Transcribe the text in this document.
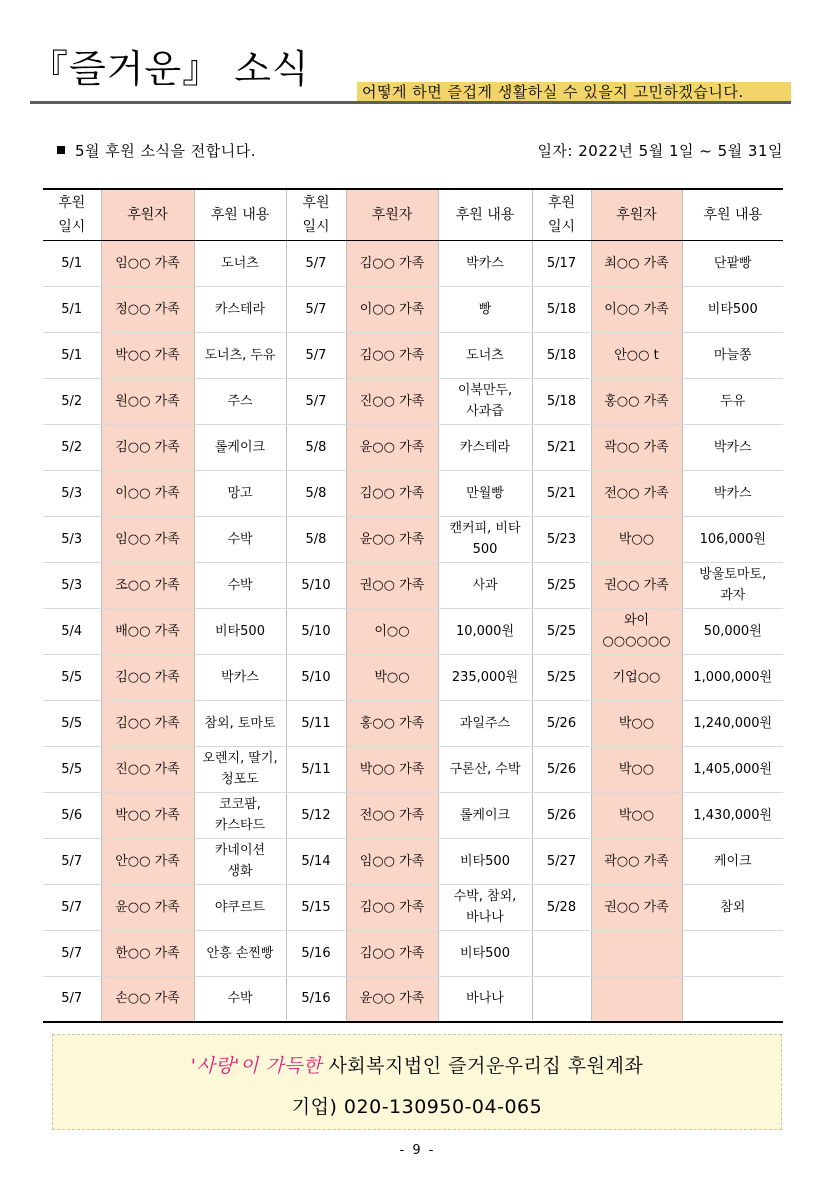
『즐거운』 소식
어떻게 하면 즐겁게 생활하실 수 있을지 고민하겠습니다.
5월 후원 소식을 전합니다.	일자: 2022년 5월 1일 ~ 5월 31일
후원
일시	후원자	후원 내용	후원
일시	후원자	후원 내용	후원
일시	후원자	후원 내용
5/1	임○○ 가족	도너츠	5/7	김○○ 가족	박카스	5/17	최○○ 가족	단팥빵
5/1	정○○ 가족	카스테라	5/7	이○○ 가족	빵	5/18	이○○ 가족	비타500
5/1	박○○ 가족	도너츠, 두유	5/7	김○○ 가족	도너츠	5/18	안○○ t	마늘쫑
5/2	원○○ 가족	주스	5/7	진○○ 가족	이북만두,
사과즙	5/18	홍○○ 가족	두유
5/2	김○○ 가족	롤케이크	5/8	윤○○ 가족	카스테라	5/21	곽○○ 가족	박카스
5/3	이○○ 가족	망고	5/8	김○○ 가족	만월빵	5/21	전○○ 가족	박카스
5/3	임○○ 가족	수박	5/8	윤○○ 가족	캔커피, 비타500	5/23	박○○	106,000원
5/3	조○○ 가족	수박	5/10	권○○ 가족	사과	5/25	권○○ 가족	방울토마토,
과자
5/4	배○○ 가족	비타500	5/10	이○○	10,000원	5/25	와이
○○○○○○	50,000원
5/5	김○○ 가족	박카스	5/10	박○○	235,000원	5/25	기업○○	1,000,000원
5/5	김○○ 가족	참외, 토마토	5/11	홍○○ 가족	과일주스	5/26	박○○	1,240,000원
5/5	진○○ 가족	오렌지, 딸기,
청포도	5/11	박○○ 가족	구론산, 수박	5/26	박○○	1,405,000원
5/6	박○○ 가족	코코팜,
카스타드	5/12	전○○ 가족	롤케이크	5/26	박○○	1,430,000원
5/7	안○○ 가족	카네이션
생화	5/14	임○○ 가족	비타500	5/27	곽○○ 가족	케이크
5/7	윤○○ 가족	야쿠르트	5/15	김○○ 가족	수박, 참외,
바나나	5/28	권○○ 가족	참외
5/7	한○○ 가족	안흥 손찐빵	5/16	김○○ 가족	비타500			
5/7	손○○ 가족	수박	5/16	윤○○ 가족	바나나			
'사랑'이 가득한 사회복지법인 즐거운우리집 후원계좌
기업) 020-130950-04-065
- 9 -
